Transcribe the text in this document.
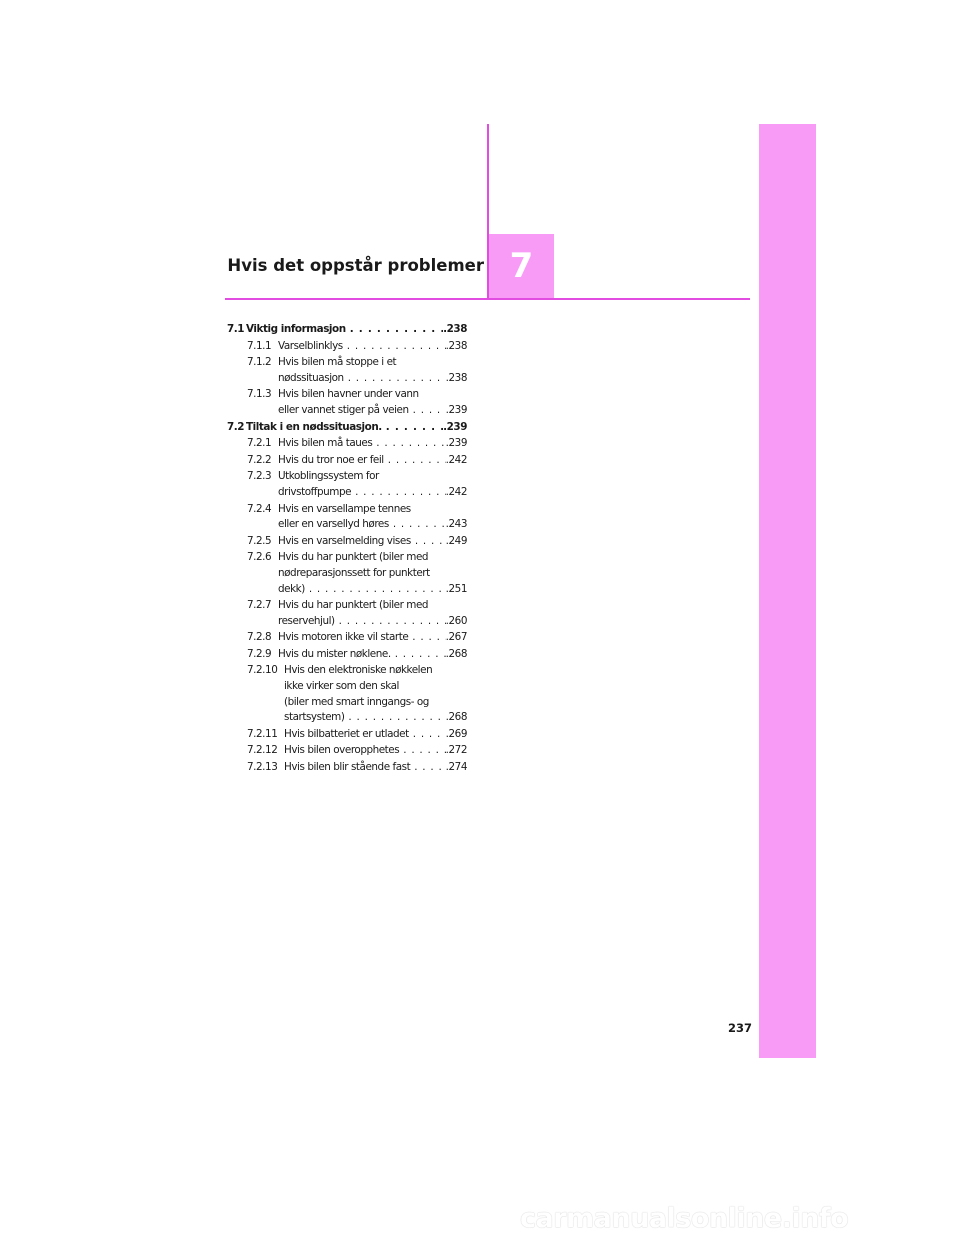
Hvis det oppstår problemer 7
7.1 Viktig informasjon . . .	.238
7.1.1 Varselblinklys . . .	.238
7.1.2 Hvis bilen må stoppe i et
nødssituasjon . . .	.238
7.1.3 Hvis bilen havner under vann
eller vannet stiger på veien . . .	.239
7.2 Tiltak i en nødssituasjon. . . .	.239
7.2.1 Hvis bilen må taues . . .	.239
7.2.2 Hvis du tror noe er feil . . .	.242
7.2.3 Utkoblingssystem for
drivstoffpumpe . . .	.242
7.2.4 Hvis en varsellampe tennes
eller en varsellyd høres . . .	.243
7.2.5 Hvis en varselmelding vises . . .	.249
7.2.6 Hvis du har punktert (biler med
nødreparasjonssett for punktert
dekk) . . .	.251
7.2.7 Hvis du har punktert (biler med
reservehjul) . . .	.260
7.2.8 Hvis motoren ikke vil starte . . .	.267
7.2.9 Hvis du mister nøklene. . . .	.268
7.2.10 Hvis den elektroniske nøkkelen
ikke virker som den skal
(biler med smart inngangs- og
startsystem) . . .	.268
7.2.11 Hvis bilbatteriet er utladet . . .	.269
7.2.12 Hvis bilen overopphetes . . .	.272
7.2.13 Hvis bilen blir stående fast . . .	.274
237
carmanualsonline.info
